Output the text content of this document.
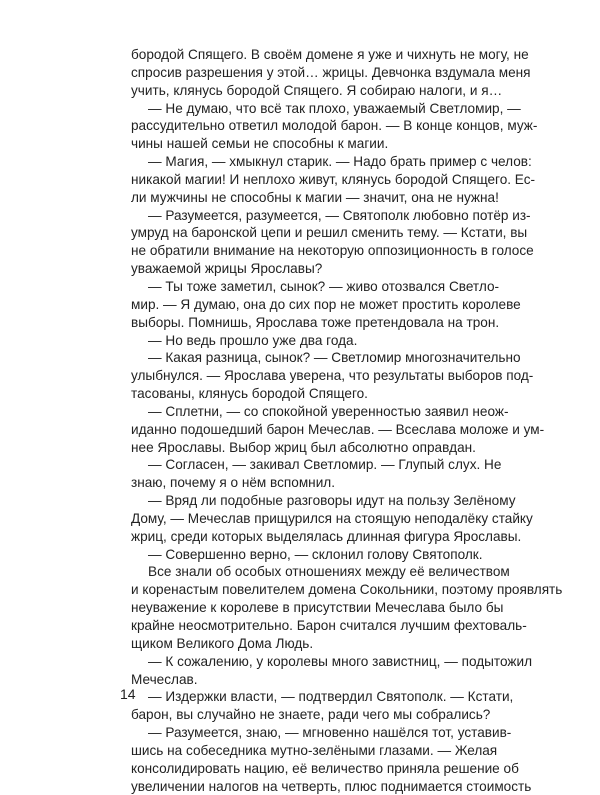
бородой Спящего. В своём домене я уже и чихнуть не могу, не
спросив разрешения у этой… жрицы. Девчонка вздумала меня
учить, клянусь бородой Спящего. Я собираю налоги, и я…
— Не думаю, что всё так плохо, уважаемый Светломир, —
рассудительно ответил молодой барон. — В конце концов, муж-
чины нашей семьи не способны к магии.
— Магия, — хмыкнул старик. — Надо брать пример с челов:
никакой магии! И неплохо живут, клянусь бородой Спящего. Ес-
ли мужчины не способны к магии — значит, она не нужна!
— Разумеется, разумеется, — Святополк любовно потёр из-
умруд на баронской цепи и решил сменить тему. — Кстати, вы
не обратили внимание на некоторую оппозиционность в голосе
уважаемой жрицы Ярославы?
— Ты тоже заметил, сынок? — живо отозвался Светло-
мир. — Я думаю, она до сих пор не может простить королеве
выборы. Помнишь, Ярослава тоже претендовала на трон.
— Но ведь прошло уже два года.
— Какая разница, сынок? — Светломир многозначительно
улыбнулся. — Ярослава уверена, что результаты выборов под-
тасованы, клянусь бородой Спящего.
— Сплетни, — со спокойной уверенностью заявил неож-
иданно подошедший барон Мечеслав. — Всеслава моложе и ум-
нее Ярославы. Выбор жриц был абсолютно оправдан.
— Согласен, — закивал Светломир. — Глупый слух. Не
знаю, почему я о нём вспомнил.
— Вряд ли подобные разговоры идут на пользу Зелёному
Дому, — Мечеслав прищурился на стоящую неподалёку стайку
жриц, среди которых выделялась длинная фигура Ярославы.
— Совершенно верно, — склонил голову Святополк.
Все знали об особых отношениях между её величеством
и коренастым повелителем домена Сокольники, поэтому проявлять
неуважение к королеве в присутствии Мечеслава было бы
крайне неосмотрительно. Барон считался лучшим фехтоваль-
щиком Великого Дома Людь.
— К сожалению, у королевы много завистниц, — подытожил
Мечеслав.
— Издержки власти, — подтвердил Святополк. — Кстати,
барон, вы случайно не знаете, ради чего мы собрались?
— Разумеется, знаю, — мгновенно нашёлся тот, уставив-
шись на собеседника мутно-зелёными глазами. — Желая
консолидировать нацию, её величество приняла решение об
увеличении налогов на четверть, плюс поднимается стоимость
14
